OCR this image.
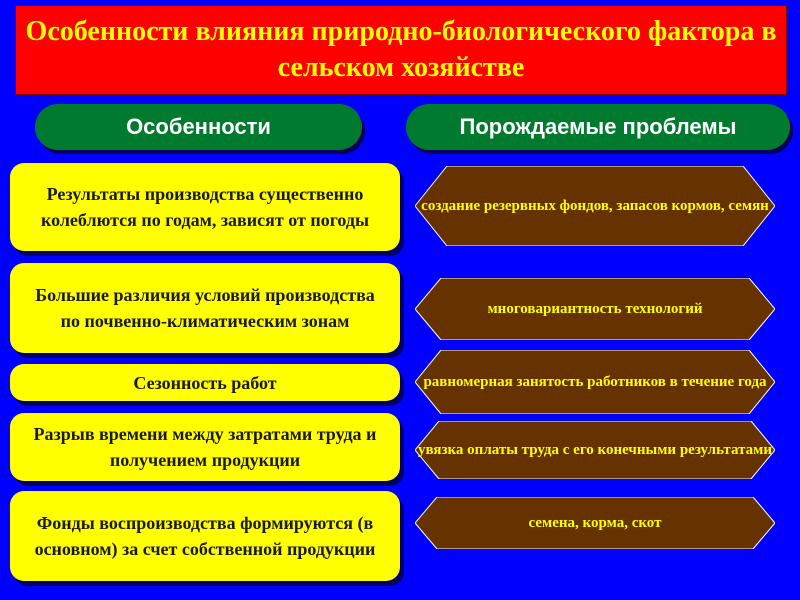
Особенности влияния природно-биологического фактора в сельском хозяйстве
Особенности	Порождаемые проблемы
Результаты производства существенно колеблются по годам, зависят от погоды
Большие различия условий производства по почвенно-климатическим зонам
Сезонность работ
Разрыв времени между затратами труда и получением продукции
Фонды воспроизводства формируются (в основном) за счет собственной продукции
создание резервных фондов, запасов кормов, семян
многовариантность технологий
равномерная занятость работников в течение года
увязка оплаты труда с его конечными результатами
семена, корма, скот
